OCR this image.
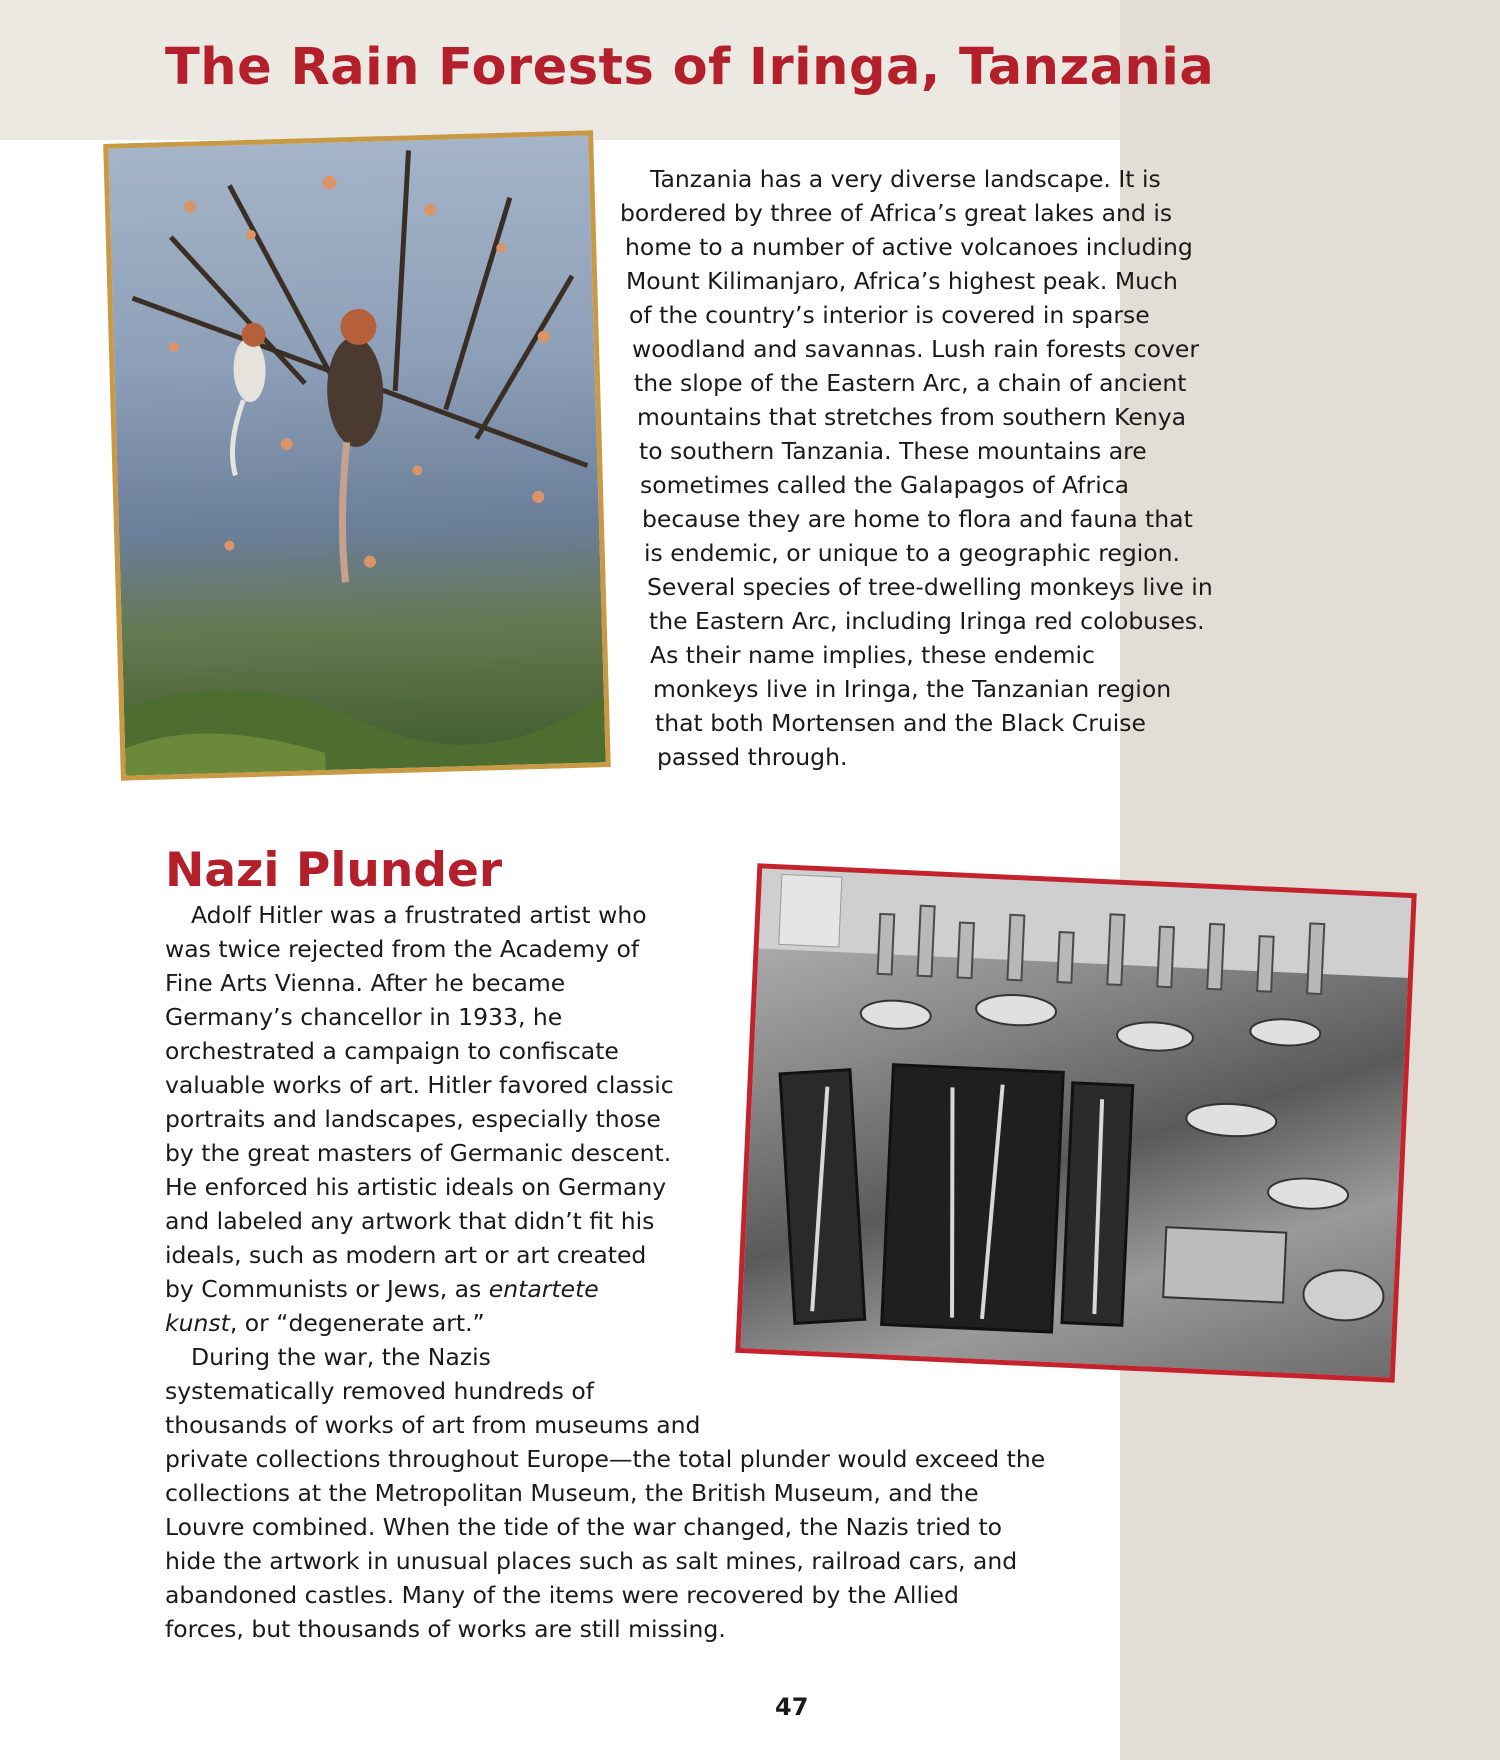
The Rain Forests of Iringa, Tanzania
Tanzania has a very diverse landscape. It is
bordered by three of Africa’s great lakes and is
home to a number of active volcanoes including
Mount Kilimanjaro, Africa’s highest peak. Much
of the country’s interior is covered in sparse
woodland and savannas. Lush rain forests cover
the slope of the Eastern Arc, a chain of ancient
mountains that stretches from southern Kenya
to southern Tanzania. These mountains are
sometimes called the Galapagos of Africa
because they are home to flora and fauna that
is endemic, or unique to a geographic region.
Several species of tree-dwelling monkeys live in
the Eastern Arc, including Iringa red colobuses.
As their name implies, these endemic
monkeys live in Iringa, the Tanzanian region
that both Mortensen and the Black Cruise
passed through.
Nazi Plunder
Adolf Hitler was a frustrated artist who
was twice rejected from the Academy of
Fine Arts Vienna. After he became
Germany’s chancellor in 1933, he
orchestrated a campaign to confiscate
valuable works of art. Hitler favored classic
portraits and landscapes, especially those
by the great masters of Germanic descent.
He enforced his artistic ideals on Germany
and labeled any artwork that didn’t fit his
ideals, such as modern art or art created
by Communists or Jews, as entartete
kunst, or “degenerate art.”
During the war, the Nazis
systematically removed hundreds of
thousands of works of art from museums and
private collections throughout Europe—the total plunder would exceed the
collections at the Metropolitan Museum, the British Museum, and the
Louvre combined. When the tide of the war changed, the Nazis tried to
hide the artwork in unusual places such as salt mines, railroad cars, and
abandoned castles. Many of the items were recovered by the Allied
forces, but thousands of works are still missing.
47
